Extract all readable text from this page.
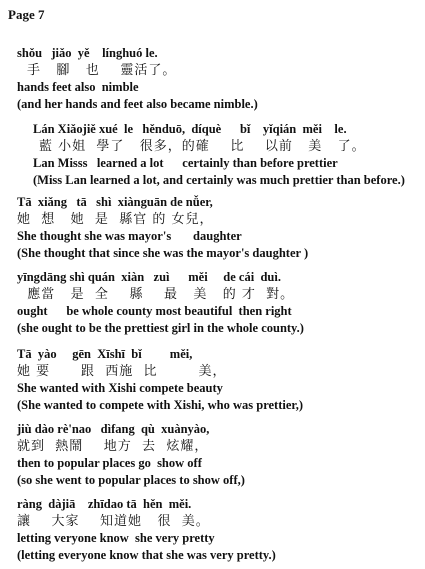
Page 7
shǒu   jiǎo  yě    línghuó le.
手   腳   也    靈活了。
hands feet also  nimble
(and her hands and feet also became nimble.)
Lán Xiǎojiě xué  le   hěnduō,  díquè      bǐ    yǐqián  měi    le.
藍 小姐  學了   很多，的確    比    以前   美   了。
Lan Misss   learned a lot      certainly than before prettier
(Miss Lan learned a lot, and certainly was much prettier than before.)
Tā  xiǎng   tā   shì  xiànguān de nǚer,
她  想   她  是  縣官 的 女兒，
She thought she was mayor's       daughter
(She thought that since she was the mayor's daughter )
yīngdāng shì quán  xiàn   zuì      měi     de cái  duì.
應當   是  全    縣    最   美   的 才  對。
ought      be whole county most beautiful  then right
(she ought to be the prettiest girl in the whole county.)
Tā  yào     gēn  Xīshī  bǐ         měi,
她 要      跟  西施  比        美，
She wanted with Xishi compete beauty
(She wanted to compete with Xishi, who was prettier,)
jiù dào rè'nao   dìfang  qù  xuànyào,
就到  熱鬧    地方  去  炫耀，
then to popular places go  show off
(so she went to popular places to show off,)
ràng  dàjiā    zhīdao tā  hěn  měi.
讓    大家    知道她   很  美。
letting veryone know  she very pretty
(letting everyone know that she was very pretty.)
